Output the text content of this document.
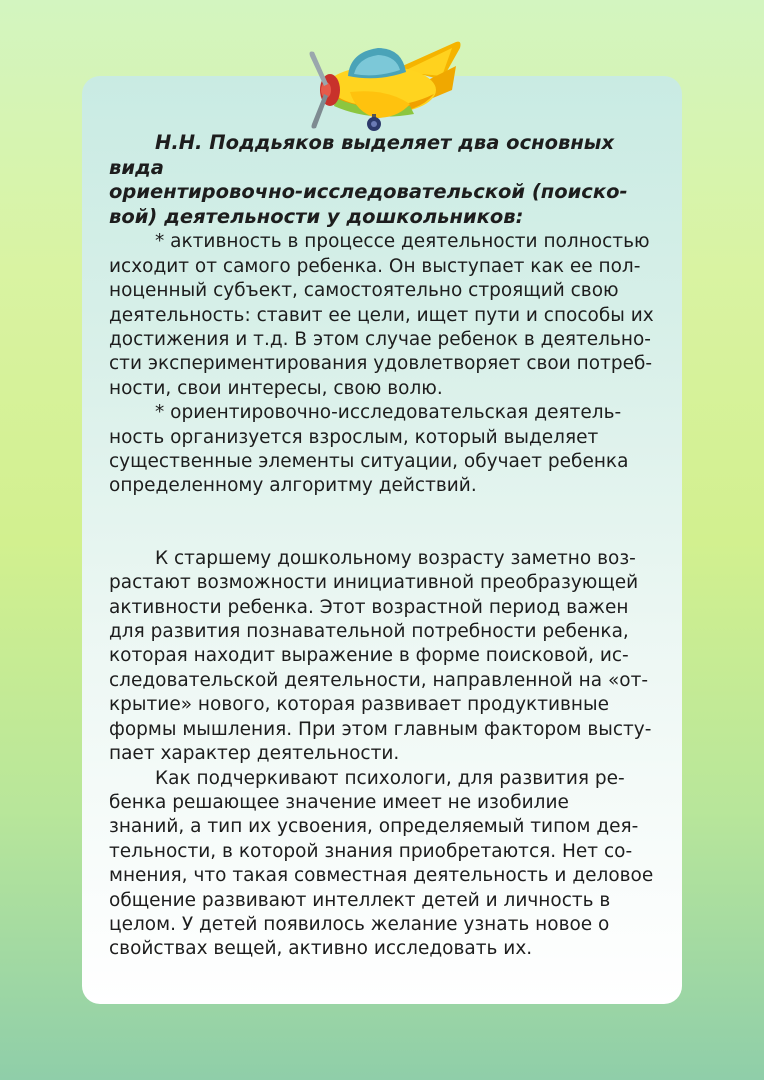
Н.Н. Поддьяков выделяет два основных вида
ориентировочно-исследовательской (поиско-
вой) деятельности у дошкольников:

* активность в процессе деятельности полностью
исходит от самого ребенка. Он выступает как ее пол-
ноценный субъект, самостоятельно строящий свою
деятельность: ставит ее цели, ищет пути и способы их
достижения и т.д. В этом случае ребенок в деятельно-
сти экспериментирования удовлетворяет свои потреб-
ности, свои интересы, свою волю.

* ориентировочно-исследовательская деятель-
ность организуется взрослым, который выделяет
существенные элементы ситуации, обучает ребенка
определенному алгоритму действий.

К старшему дошкольному возрасту заметно воз-
растают возможности инициативной преобразующей
активности ребенка. Этот возрастной период важен
для развития познавательной потребности ребенка,
которая находит выражение в форме поисковой, ис-
следовательской деятельности, направленной на «от-
крытие» нового, которая развивает продуктивные
формы мышления. При этом главным фактором высту-
пает характер деятельности.

Как подчеркивают психологи, для развития ре-
бенка решающее значение имеет не изобилие
знаний, а тип их усвоения, определяемый типом дея-
тельности, в которой знания приобретаются. Нет со-
мнения, что такая совместная деятельность и деловое
общение развивают интеллект детей и личность в
целом. У детей появилось желание узнать новое о
свойствах вещей, активно исследовать их.
